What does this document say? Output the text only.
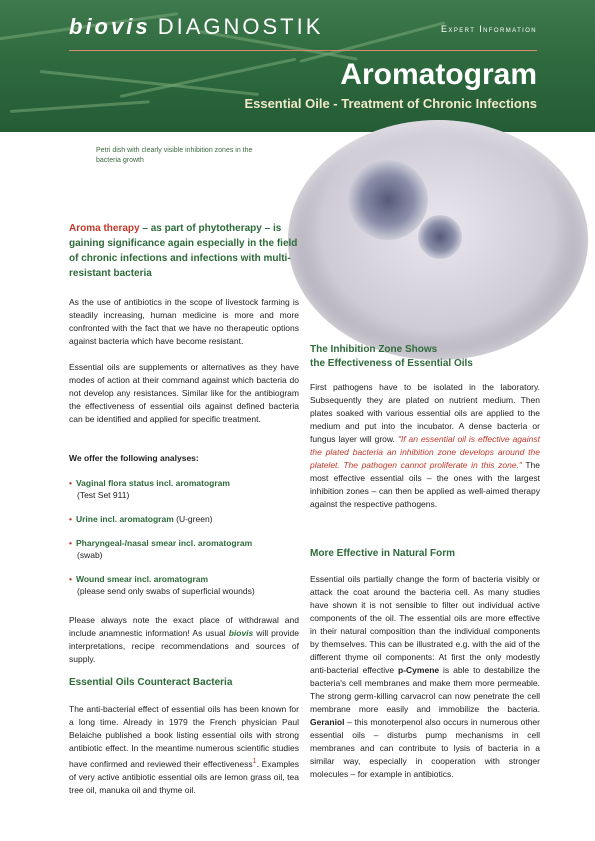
biovis DIAGNOSTIK	Expert Information
Aromatogram
Essential Oile - Treatment of Chronic Infections
Petri dish with clearly visible inhibition zones in the bacteria growth
Aroma therapy – as part of phytotherapy – is gaining significance again especially in the field of chronic infections and infections with multi-resistant bacteria
As the use of antibiotics in the scope of livestock farming is steadily increasing, human medicine is more and more confronted with the fact that we have no therapeutic options against bacteria which have become resistant.
Essential oils are supplements or alternatives as they have modes of action at their command against which bacteria do not develop any resistances. Similar like for the antibiogram the effectiveness of essential oils against defined bacteria can be identified and applied for specific treatment.
We offer the following analyses:
• Vaginal flora status incl. aromatogram
(Test Set 911)
• Urine incl. aromatogram (U-green)
• Pharyngeal-/nasal smear incl. aromatogram
(swab)
• Wound smear incl. aromatogram
(please send only swabs of superficial wounds)
Please always note the exact place of withdrawal and include anamnestic information! As usual biovis will provide interpretations, recipe recommendations and sources of supply.
Essential Oils Counteract Bacteria
The anti-bacterial effect of essential oils has been known for a long time. Already in 1979 the French physician Paul Belaiche published a book listing essential oils with strong antibiotic effect. In the meantime numerous scientific studies have confirmed and reviewed their effectiveness$^1$. Examples of very active antibiotic essential oils are lemon grass oil, tea tree oil, manuka oil and thyme oil.
The Inhibition Zone Shows
the Effectiveness of Essential Oils
First pathogens have to be isolated in the laboratory. Subsequently they are plated on nutrient medium. Then plates soaked with various essential oils are applied to the medium and put into the incubator. A dense bacteria or fungus layer will grow. "If an essential oil is effective against the plated bacteria an inhibition zone develops around the platelet. The pathogen cannot proliferate in this zone." The most effective essential oils – the ones with the largest inhibition zones – can then be applied as well-aimed therapy against the respective pathogens.
More Effective in Natural Form
Essential oils partially change the form of bacteria visibly or attack the coat around the bacteria cell. As many studies have shown it is not sensible to filter out individual active components of the oil. The essential oils are more effective in their natural composition than the individual components by themselves. This can be illustrated e.g. with the aid of the different thyme oil components: At first the only modestly anti-bacterial effective p-Cymene is able to destabilize the bacteria's cell membranes and make them more permeable. The strong germ-killing carvacrol can now penetrate the cell membrane more easily and immobilize the bacteria. Geraniol – this monoterpenol also occurs in numerous other essential oils – disturbs pump mechanisms in cell membranes and can contribute to lysis of bacteria in a similar way, especially in cooperation with stronger molecules – for example in antibiotics.
